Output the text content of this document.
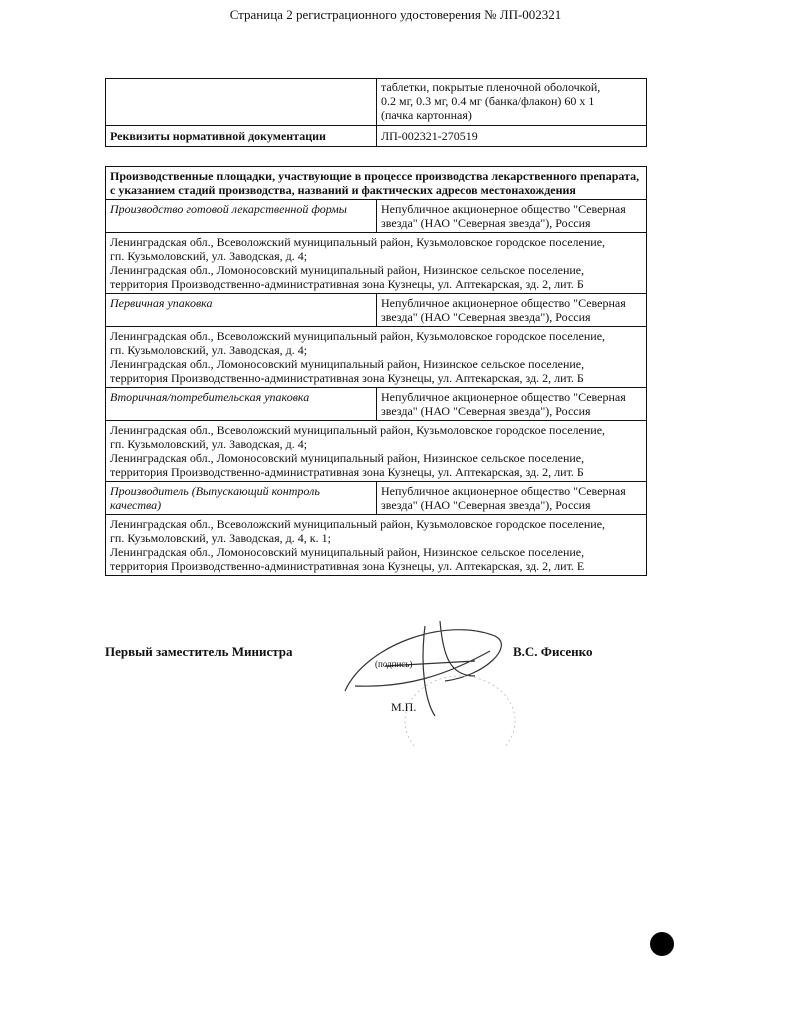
Страница 2 регистрационного удостоверения № ЛП-002321

	таблетки, покрытые пленочной оболочкой,
0.2 мг, 0.3 мг, 0.4 мг (банка/флакон) 60 x 1
(пачка картонная)

Реквизиты нормативной документации	ЛП-002321-270519
Производственные площадки, участвующие в процессе производства лекарственного препарата, с указанием стадий производства, названий и фактических адресов местонахождения	
Производство готовой лекарственной формы	Непубличное акционерное общество "Северная звезда" (НАО "Северная звезда"), Россия

Ленинградская обл., Всеволожский муниципальный район, Кузьмоловское городское поселение,
гп. Кузьмоловский, ул. Заводская, д. 4;
Ленинградская обл., Ломоносовский муниципальный район, Низинское сельское поселение,
территория Производственно-административная зона Кузнецы, ул. Аптекарская, зд. 2, лит. Б	

Первичная упаковка	Непубличное акционерное общество "Северная звезда" (НАО "Северная звезда"), Россия

Ленинградская обл., Всеволожский муниципальный район, Кузьмоловское городское поселение,
гп. Кузьмоловский, ул. Заводская, д. 4;
Ленинградская обл., Ломоносовский муниципальный район, Низинское сельское поселение,
территория Производственно-административная зона Кузнецы, ул. Аптекарская, зд. 2, лит. Б	

Вторичная/потребительская упаковка	Непубличное акционерное общество "Северная звезда" (НАО "Северная звезда"), Россия

Ленинградская обл., Всеволожский муниципальный район, Кузьмоловское городское поселение,
гп. Кузьмоловский, ул. Заводская, д. 4;
Ленинградская обл., Ломоносовский муниципальный район, Низинское сельское поселение,
территория Производственно-административная зона Кузнецы, ул. Аптекарская, зд. 2, лит. Б	

Производитель (Выпускающий контроль качества)	Непубличное акционерное общество "Северная звезда" (НАО "Северная звезда"), Россия

Ленинградская обл., Всеволожский муниципальный район, Кузьмоловское городское поселение,
гп. Кузьмоловский, ул. Заводская, д. 4, к. 1;
Ленинградская обл., Ломоносовский муниципальный район, Низинское сельское поселение,
территория Производственно-административная зона Кузнецы, ул. Аптекарская, зд. 2, лит. Е	
Первый заместитель Министра
(подпись)
В.С. Фисенко
М.П.
